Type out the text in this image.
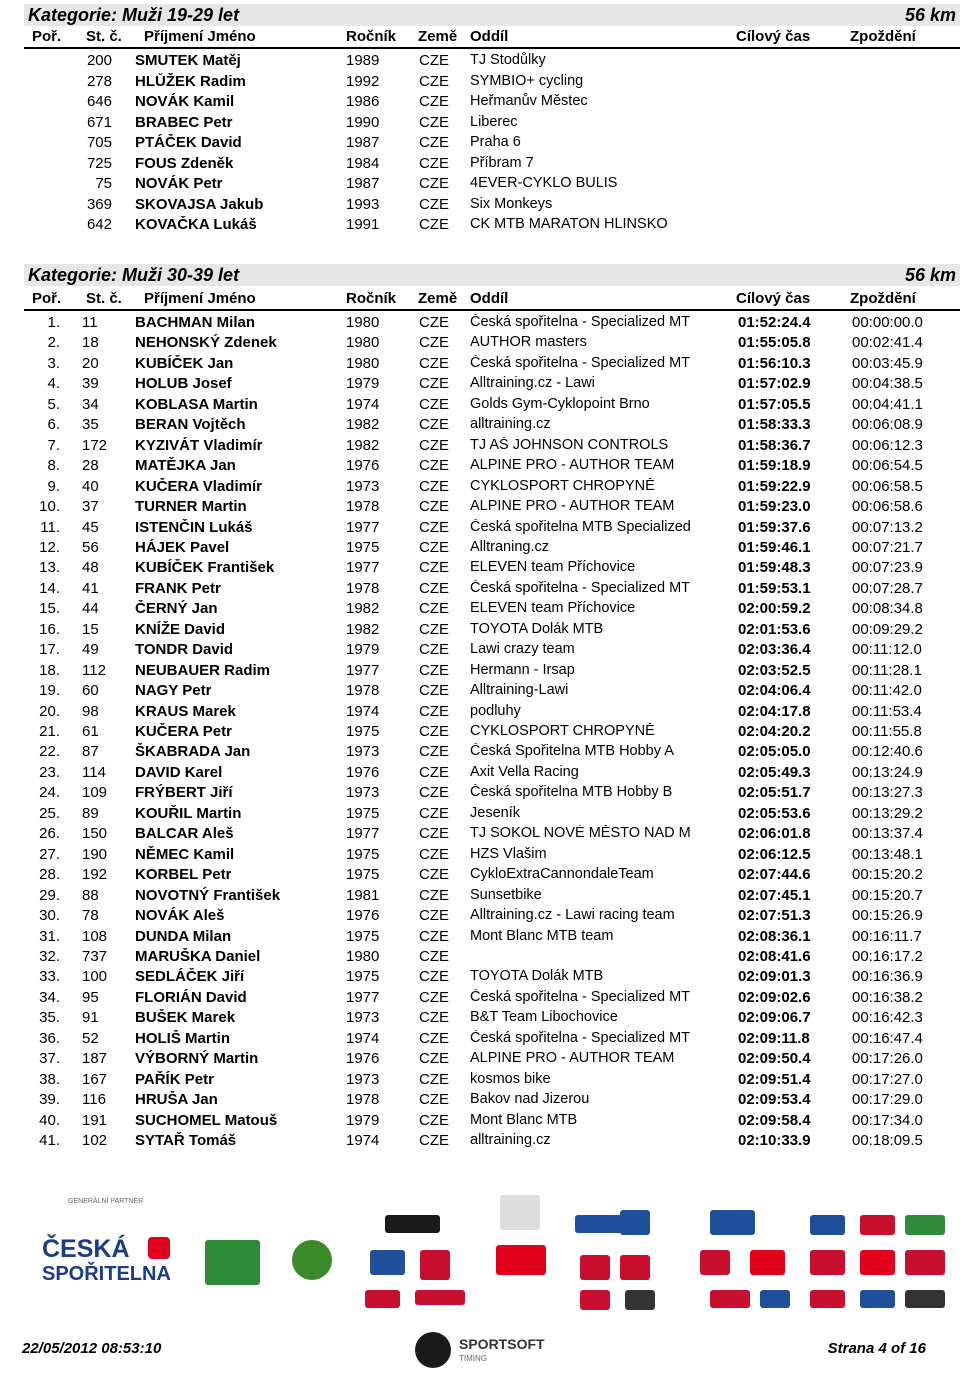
Kategorie: Muži 19-29 let	56 km
Poř. St. č. Příjmení Jméno	Ročník Země Oddíl	Cílový čas	Zpoždění
200 SMUTEK Matěj	1989	CZE TJ Stodůlky
278 HLŮŽEK Radim	1992	CZE SYMBIO+ cycling
646 NOVÁK Kamil	1986	CZE Heřmanův Městec
671 BRABEC Petr	1990	CZE Liberec
705 PTÁČEK David	1987	CZE Praha 6
725 FOUS Zdeněk	1984	CZE Příbram 7
75 NOVÁK Petr	1987	CZE 4EVER-CYKLO BULIS
369 SKOVAJSA Jakub	1993	CZE Six Monkeys
642 KOVAČKA Lukáš	1991	CZE CK MTB MARATON HLINSKO
Kategorie: Muži 30-39 let	56 km
Poř. St. č. Příjmení Jméno	Ročník Země Oddíl	Cílový čas	Zpoždění
1. 11 BACHMAN Milan	1980	CZE Česká spořitelna - Specialized MT	01:52:24.4	00:00:00.0
2. 18 NEHONSKÝ Zdenek	1980	CZE AUTHOR masters	01:55:05.8	00:02:41.4
3. 20 KUBÍČEK Jan	1980	CZE Česká spořitelna - Specialized MT	01:56:10.3	00:03:45.9
4. 39 HOLUB Josef	1979	CZE Alltraining.cz - Lawi	01:57:02.9	00:04:38.5
5. 34 KOBLASA Martin	1974	CZE Golds Gym-Cyklopoint Brno	01:57:05.5	00:04:41.1
6. 35 BERAN Vojtěch	1982	CZE alltraining.cz	01:58:33.3	00:06:08.9
7. 172 KYZIVÁT Vladimír	1982	CZE TJ AŠ JOHNSON CONTROLS	01:58:36.7	00:06:12.3
8. 28 MATĚJKA Jan	1976	CZE ALPINE PRO - AUTHOR TEAM	01:59:18.9	00:06:54.5
9. 40 KUČERA Vladimír	1973	CZE CYKLOSPORT CHROPYNĚ	01:59:22.9	00:06:58.5
10. 37 TURNER Martin	1978	CZE ALPINE PRO - AUTHOR TEAM	01:59:23.0	00:06:58.6
11. 45 ISTENČIN Lukáš	1977	CZE Česká spořitelna MTB Specialized	01:59:37.6	00:07:13.2
12. 56 HÁJEK Pavel	1975	CZE Alltraning.cz	01:59:46.1	00:07:21.7
13. 48 KUBÍČEK František	1977	CZE ELEVEN team Příchovice	01:59:48.3	00:07:23.9
14. 41 FRANK Petr	1978	CZE Česká spořitelna - Specialized MT	01:59:53.1	00:07:28.7
15. 44 ČERNÝ Jan	1982	CZE ELEVEN team Příchovice	02:00:59.2	00:08:34.8
16. 15 KNÍŽE David	1982	CZE TOYOTA Dolák MTB	02:01:53.6	00:09:29.2
17. 49 TONDR David	1979	CZE Lawi crazy team	02:03:36.4	00:11:12.0
18. 112 NEUBAUER Radim	1977	CZE Hermann - Irsap	02:03:52.5	00:11:28.1
19. 60 NAGY Petr	1978	CZE Alltraining-Lawi	02:04:06.4	00:11:42.0
20. 98 KRAUS Marek	1974	CZE podluhy	02:04:17.8	00:11:53.4
21. 61 KUČERA Petr	1975	CZE CYKLOSPORT CHROPYNĚ	02:04:20.2	00:11:55.8
22. 87 ŠKABRADA Jan	1973	CZE Česká Spořitelna MTB Hobby A	02:05:05.0	00:12:40.6
23. 114 DAVID Karel	1976	CZE Axit Vella Racing	02:05:49.3	00:13:24.9
24. 109 FRÝBERT Jiří	1973	CZE Česká spořitelna MTB Hobby B	02:05:51.7	00:13:27.3
25. 89 KOUŘIL Martin	1975	CZE Jeseník	02:05:53.6	00:13:29.2
26. 150 BALCAR Aleš	1977	CZE TJ SOKOL NOVÉ MĚSTO NAD M	02:06:01.8	00:13:37.4
27. 190 NĚMEC Kamil	1975	CZE HZS Vlašim	02:06:12.5	00:13:48.1
28. 192 KORBEL Petr	1975	CZE CykloExtraCannondaleTeam	02:07:44.6	00:15:20.2
29. 88 NOVOTNÝ František	1981	CZE Sunsetbike	02:07:45.1	00:15:20.7
30. 78 NOVÁK Aleš	1976	CZE Alltraining.cz - Lawi racing team	02:07:51.3	00:15:26.9
31. 108 DUNDA Milan	1975	CZE Mont Blanc MTB team	02:08:36.1	00:16:11.7
32. 737 MARUŠKA Daniel	1980	CZE	02:08:41.6	00:16:17.2
33. 100 SEDLÁČEK Jiří	1975	CZE TOYOTA Dolák MTB	02:09:01.3	00:16:36.9
34. 95 FLORIÁN David	1977	CZE Česká spořitelna - Specialized MT	02:09:02.6	00:16:38.2
35. 91 BUŠEK Marek	1973	CZE B&T Team Libochovice	02:09:06.7	00:16:42.3
36. 52 HOLIŠ Martin	1974	CZE Česká spořitelna - Specialized MT	02:09:11.8	00:16:47.4
37. 187 VÝBORNÝ Martin	1976	CZE ALPINE PRO - AUTHOR TEAM	02:09:50.4	00:17:26.0
38. 167 PAŘÍK Petr	1973	CZE kosmos bike	02:09:51.4	00:17:27.0
39. 116 HRUŠA Jan	1978	CZE Bakov nad Jizerou	02:09:53.4	00:17:29.0
40. 191 SUCHOMEL Matouš	1979	CZE Mont Blanc MTB	02:09:58.4	00:17:34.0
41. 102 SYTAŘ Tomáš	1974	CZE alltraining.cz	02:10:33.9	00:18:09.5
GENERÁLNÍ PARTNER
ČESKÁ
SPOŘITELNA
22/05/2012 08:53:10	SPORTSOFT
TIMING
Strana 4 of 16
